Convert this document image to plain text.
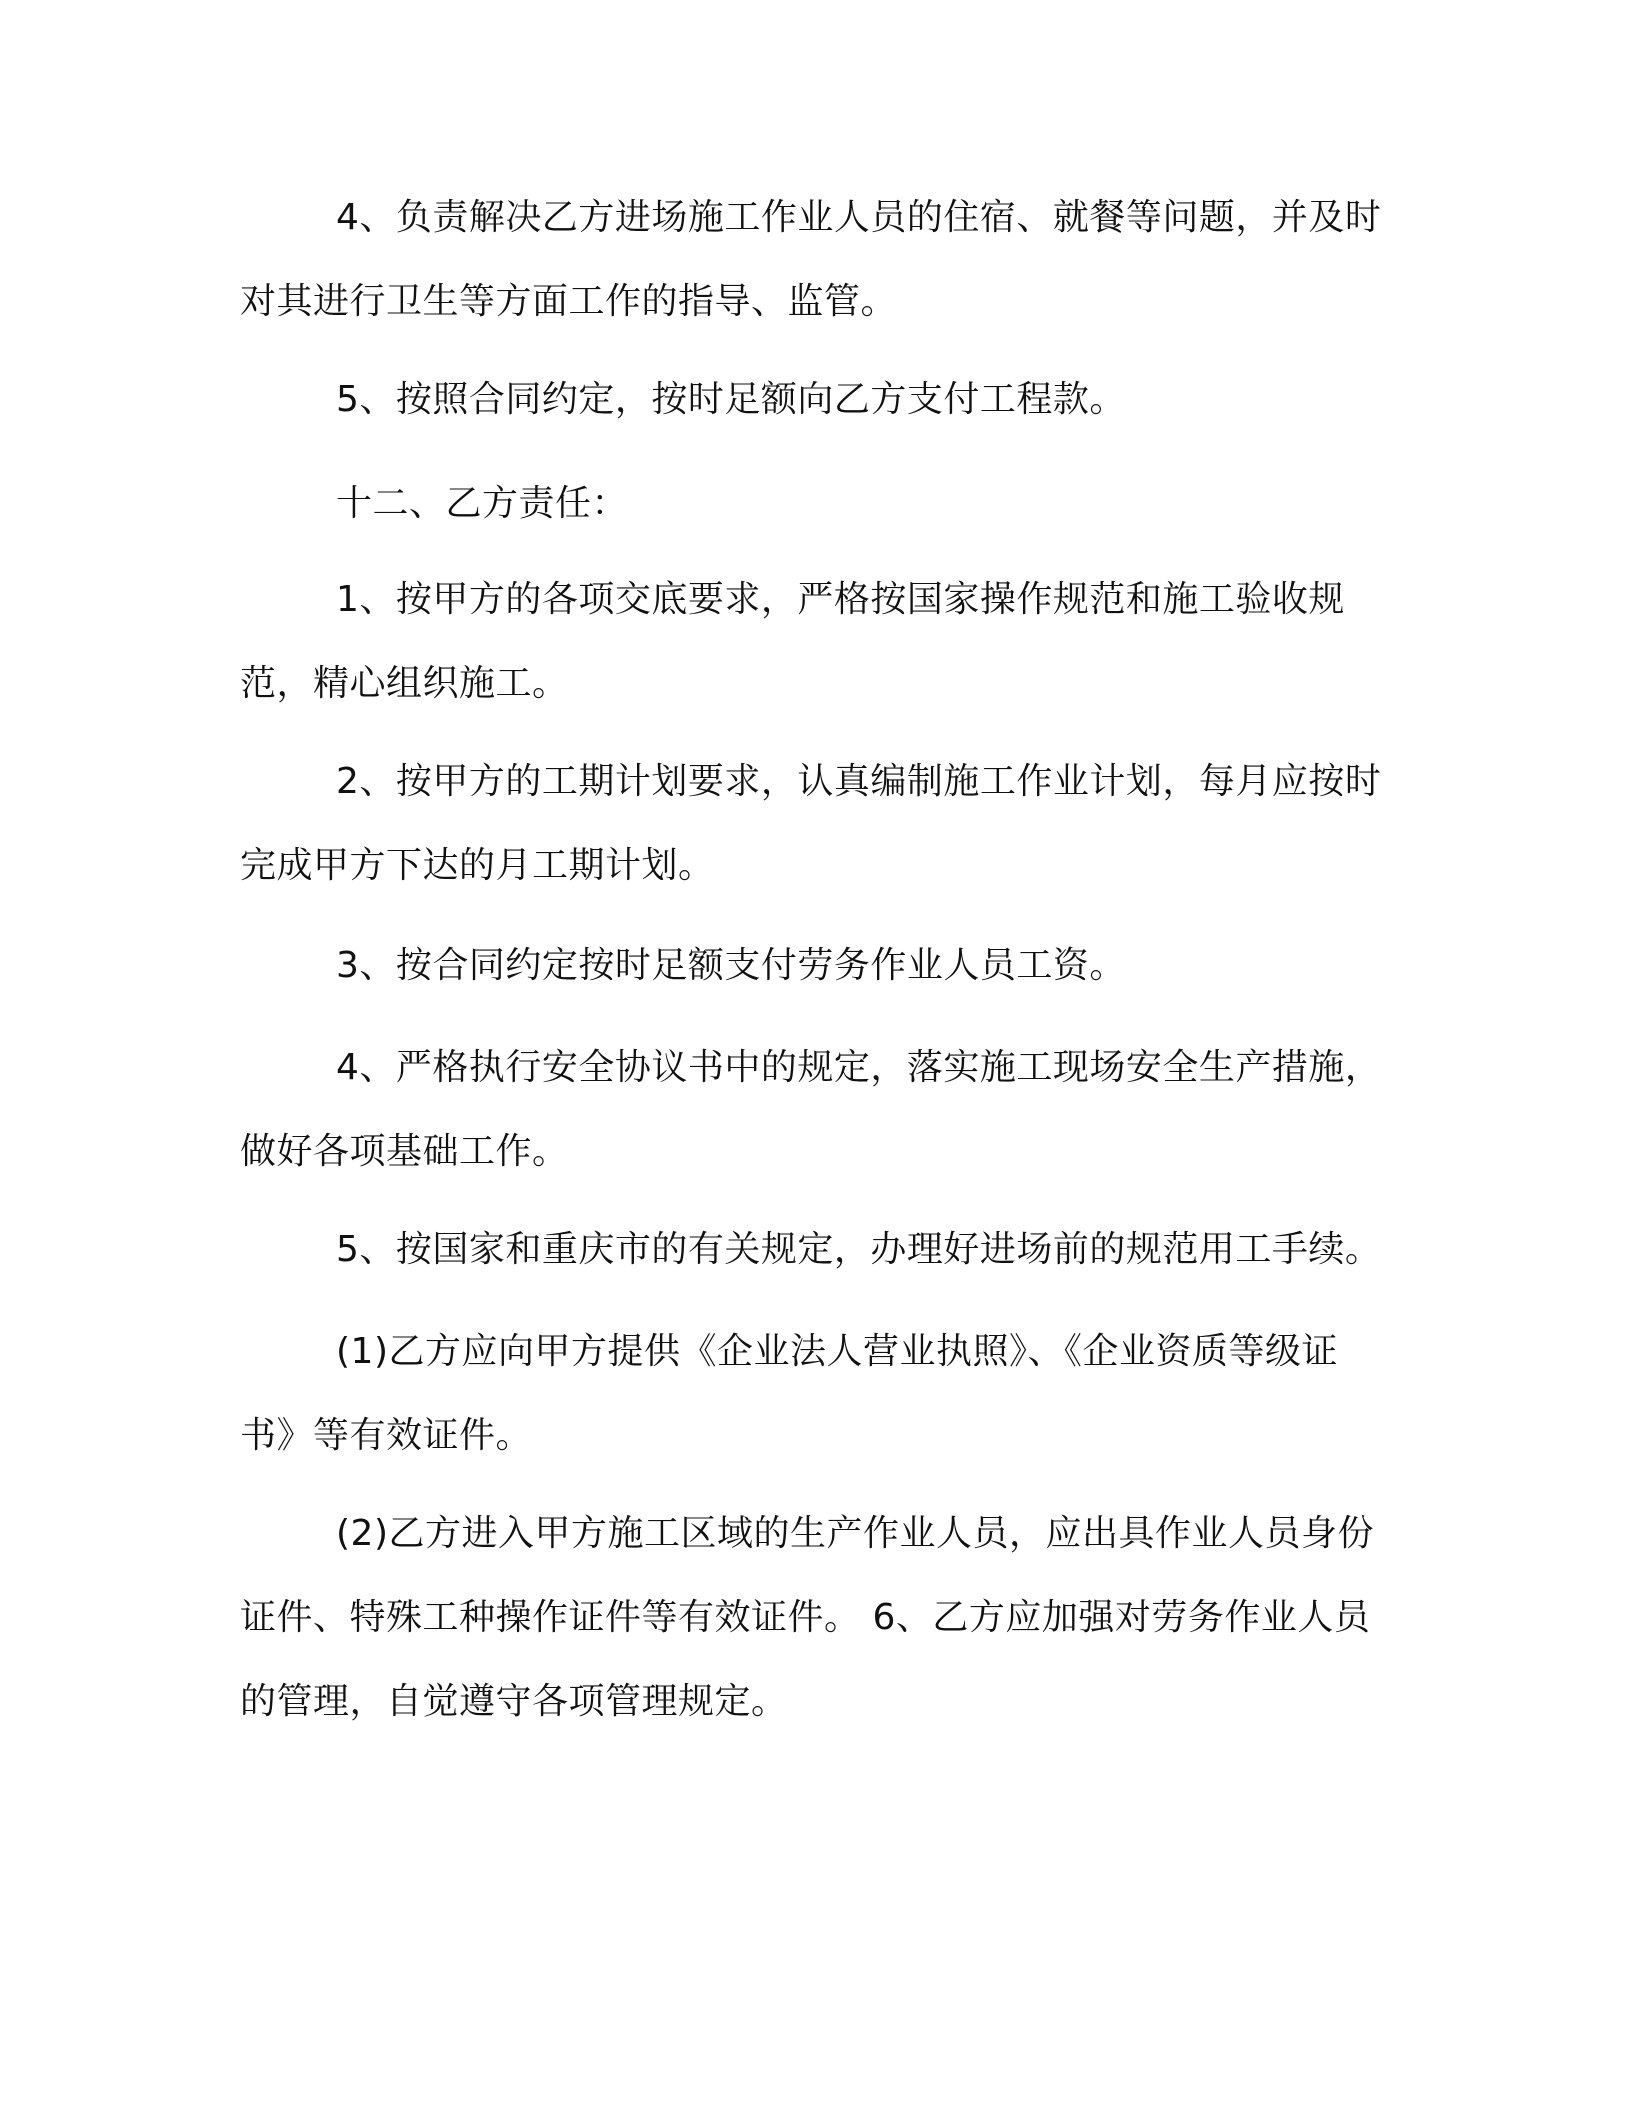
4、负责解决乙方进场施工作业人员的住宿、就餐等问题，并及时对其进行卫生等方面工作的指导、监管。

5、按照合同约定，按时足额向乙方支付工程款。

十二、乙方责任：

1、按甲方的各项交底要求，严格按国家操作规范和施工验收规范，精心组织施工。

2、按甲方的工期计划要求，认真编制施工作业计划，每月应按时完成甲方下达的月工期计划。

3、按合同约定按时足额支付劳务作业人员工资。

4、严格执行安全协议书中的规定，落实施工现场安全生产措施，做好各项基础工作。

5、按国家和重庆市的有关规定，办理好进场前的规范用工手续。

(1)乙方应向甲方提供《企业法人营业执照》、《企业资质等级证书》等有效证件。

(2)乙方进入甲方施工区域的生产作业人员，应出具作业人员身份证件、特殊工种操作证件等有效证件。 6、乙方应加强对劳务作业人员的管理，自觉遵守各项管理规定。
